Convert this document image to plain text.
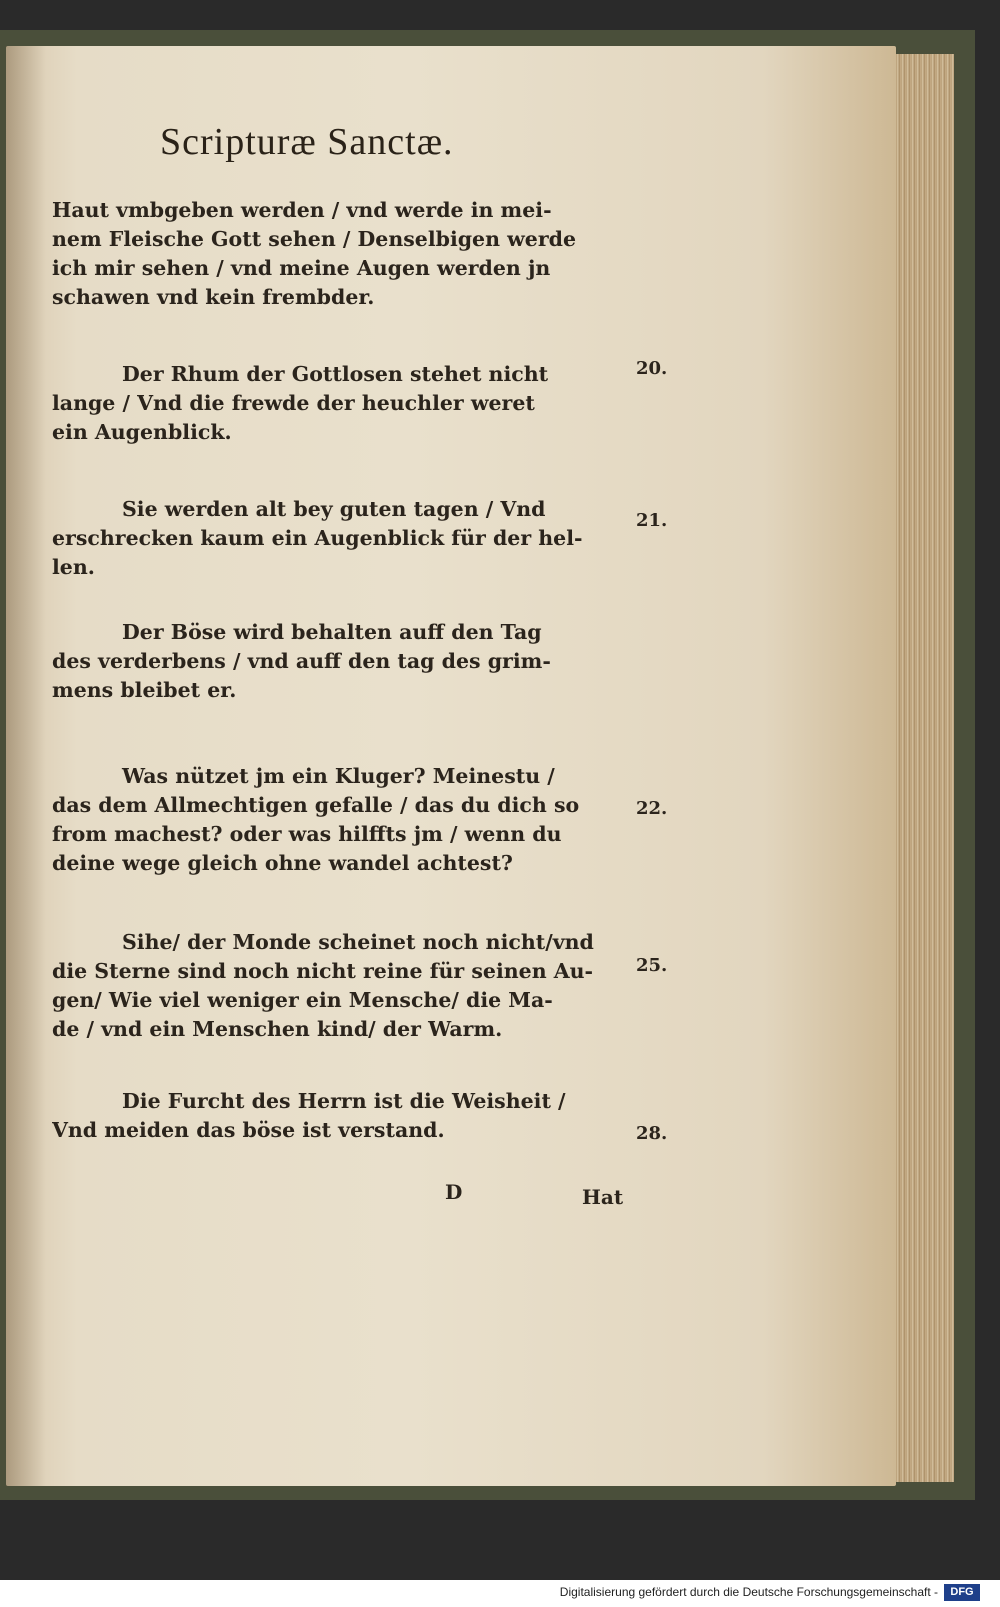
Scripturæ Sanctæ.
Haut vmbgeben werden / vnd werde in mei-
nem Fleische Gott sehen / Denselbigen werde
ich mir sehen / vnd meine Augen werden jn
schawen vnd kein frembder.
Der Rhum der Gottlosen stehet nicht
lange / Vnd die frewde der heuchler weret
ein Augenblick.
20.
Sie werden alt bey guten tagen / Vnd
erschrecken kaum ein Augenblick für der hel-
len.
21.
Der Böse wird behalten auff den Tag
des verderbens / vnd auff den tag des grim-
mens bleibet er.
Was nützet jm ein Kluger? Meinestu /
das dem Allmechtigen gefalle / das du dich so
from machest? oder was hilffts jm / wenn du
deine wege gleich ohne wandel achtest?
22.
Sihe/ der Monde scheinet noch nicht/vnd
die Sterne sind noch nicht reine für seinen Au-
gen/ Wie viel weniger ein Mensche/ die Ma-
de / vnd ein Menschen kind/ der Warm.
25.
Die Furcht des Herrn ist die Weisheit /
Vnd meiden das böse ist verstand.	28.
D	Hat
Digitalisierung gefördert durch die Deutsche Forschungsgemeinschaft -	DFG
